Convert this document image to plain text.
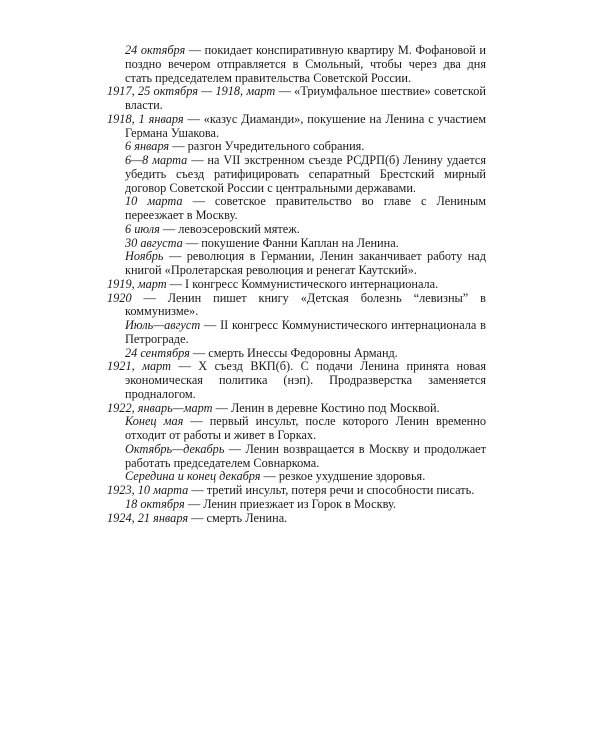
24 октября — покидает конспиративную квартиру М. Фофановой и поздно вечером отправляется в Смольный, чтобы через два дня стать председателем правительства Советской России.

1917, 25 октября — 1918, март — «Триумфальное шествие» советской власти.

1918, 1 января — «казус Диаманди», покушение на Ленина с участием Германа Ушакова.

6 января — разгон Учредительного собрания.

6—8 марта — на VII экстренном съезде РСДРП(б) Ленину удается убедить съезд ратифицировать сепаратный Брестский мирный договор Советской России с центральными державами.

10 марта — советское правительство во главе с Лениным переезжает в Москву.

6 июля — левоэсеровский мятеж.

30 августа — покушение Фанни Каплан на Ленина.

Ноябрь — революция в Германии, Ленин заканчивает работу над книгой «Пролетарская революция и ренегат Каутский».

1919, март — I конгресс Коммунистического интернационала.

1920 — Ленин пишет книгу «Детская болезнь “левизны” в коммунизме».

Июль—август — II конгресс Коммунистического интернационала в Петрограде.

24 сентября — смерть Инессы Федоровны Арманд.

1921, март — X съезд ВКП(б). С подачи Ленина принята новая экономическая политика (нэп). Продразверстка заменяется продналогом.

1922, январь—март — Ленин в деревне Костино под Москвой.

Конец мая — первый инсульт, после которого Ленин временно отходит от работы и живет в Горках.

Октябрь—декабрь — Ленин возвращается в Москву и продолжает работать председателем Совнаркома.

Середина и конец декабря — резкое ухудшение здоровья.

1923, 10 марта — третий инсульт, потеря речи и способности писать.

18 октября — Ленин приезжает из Горок в Москву.

1924, 21 января — смерть Ленина.
